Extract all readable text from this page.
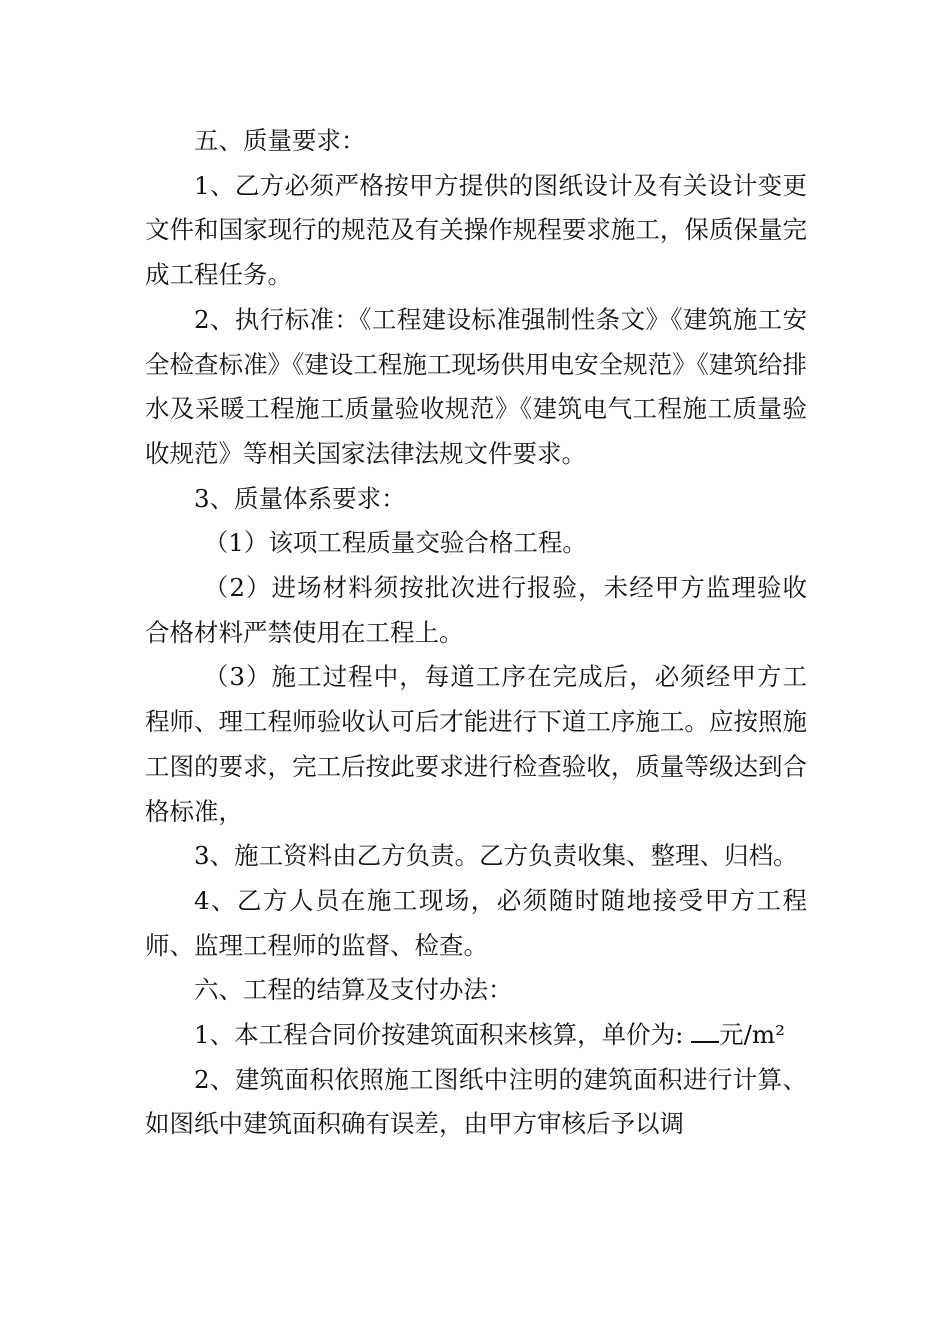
五、质量要求：

1、乙方必须严格按甲方提供的图纸设计及有关设计变更文件和国家现行的规范及有关操作规程要求施工，保质保量完成工程任务。

2、执行标准：《工程建设标准强制性条文》《建筑施工安全检查标准》《建设工程施工现场供用电安全规范》《建筑给排水及采暖工程施工质量验收规范》《建筑电气工程施工质量验收规范》等相关国家法律法规文件要求。

3、质量体系要求：

（1）该项工程质量交验合格工程。

（2）进场材料须按批次进行报验，未经甲方监理验收合格材料严禁使用在工程上。

（3）施工过程中，每道工序在完成后，必须经甲方工程师、理工程师验收认可后才能进行下道工序施工。应按照施工图的要求，完工后按此要求进行检查验收，质量等级达到合格标准，

3、施工资料由乙方负责。乙方负责收集、整理、归档。

4、乙方人员在施工现场，必须随时随地接受甲方工程师、监理工程师的监督、检查。

六、工程的结算及支付办法：

1、本工程合同价按建筑面积来核算，单价为: 元/m²

2、建筑面积依照施工图纸中注明的建筑面积进行计算、如图纸中建筑面积确有误差，由甲方审核后予以调
